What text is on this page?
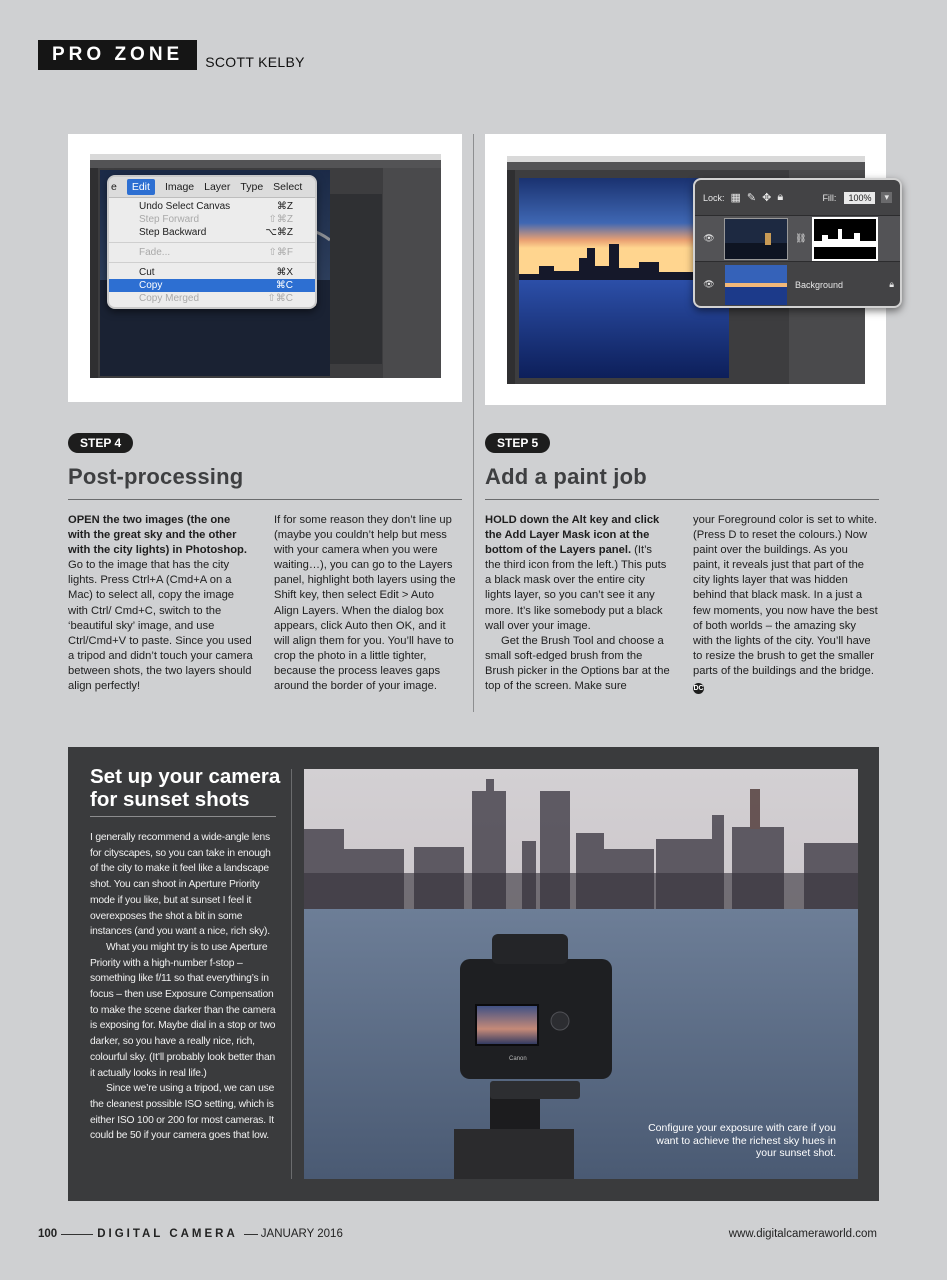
PRO ZONE	SCOTT KELBY
e	Edit	Image Layer Type Select
Undo Select Canvas	⌘Z
Step Forward	⇧⌘Z
Step Backward	⌥⌘Z
Fade...	⇧⌘F
Cut	⌘X
Copy	⌘C
Copy Merged	⇧⌘C
Lock: ▦ ✎ ✥ 🔒︎	Fill:	100%	▾
👁︎	⛓︎
👁︎	Background	🔒︎
STEP 4
Post-processing
OPEN the two images (the one with the great sky and the other with the city lights) in Photoshop. Go to the image that has the city lights. Press Ctrl+A (Cmd+A on a Mac) to select all, copy the image with Ctrl/ Cmd+C, switch to the ‘beautiful sky’ image, and use Ctrl/Cmd+V to paste. Since you used a tripod and didn’t touch your camera between shots, the two layers should align perfectly!
If for some reason they don’t line up (maybe you couldn’t help but mess with your camera when you were waiting…), you can go to the Layers panel, highlight both layers using the Shift key, then select Edit > Auto Align Layers. When the dialog box appears, click Auto then OK, and it will align them for you. You’ll have to crop the photo in a little tighter, because the process leaves gaps around the border of your image.
STEP 5
Add a paint job
HOLD down the Alt key and click the Add Layer Mask icon at the bottom of the Layers panel. (It’s the third icon from the left.) This puts a black mask over the entire city lights layer, so you can’t see it any more. It’s like somebody put a black wall over your image.
Get the Brush Tool and choose a small soft-edged brush from the Brush picker in the Options bar at the top of the screen. Make sure
your Foreground color is set to white. (Press D to reset the colours.) Now paint over the buildings. As you paint, it reveals just that part of the city lights layer that was hidden behind that black mask. In a just a few moments, you now have the best of both worlds – the amazing sky with the lights of the city. You’ll have to resize the brush to get the smaller parts of the buildings and the bridge. DC
Set up your camera for sunset shots
I generally recommend a wide-angle lens for cityscapes, so you can take in enough of the city to make it feel like a landscape shot. You can shoot in Aperture Priority mode if you like, but at sunset I feel it overexposes the shot a bit in some instances (and you want a nice, rich sky).
What you might try is to use Aperture Priority with a high-number f-stop – something like f/11 so that everything’s in focus – then use Exposure Compensation to make the scene darker than the camera is exposing for. Maybe dial in a stop or two darker, so you have a really nice, rich, colourful sky. (It’ll probably look better than it actually looks in real life.)
Since we’re using a tripod, we can use the cleanest possible ISO setting, which is either ISO 100 or 200 for most cameras. It could be 50 if your camera goes that low.
Canon
Configure your exposure with care if you want to achieve the richest sky hues in your sunset shot.
100	DIGITAL CAMERA JANUARY 2016	www.digitalcameraworld.com
